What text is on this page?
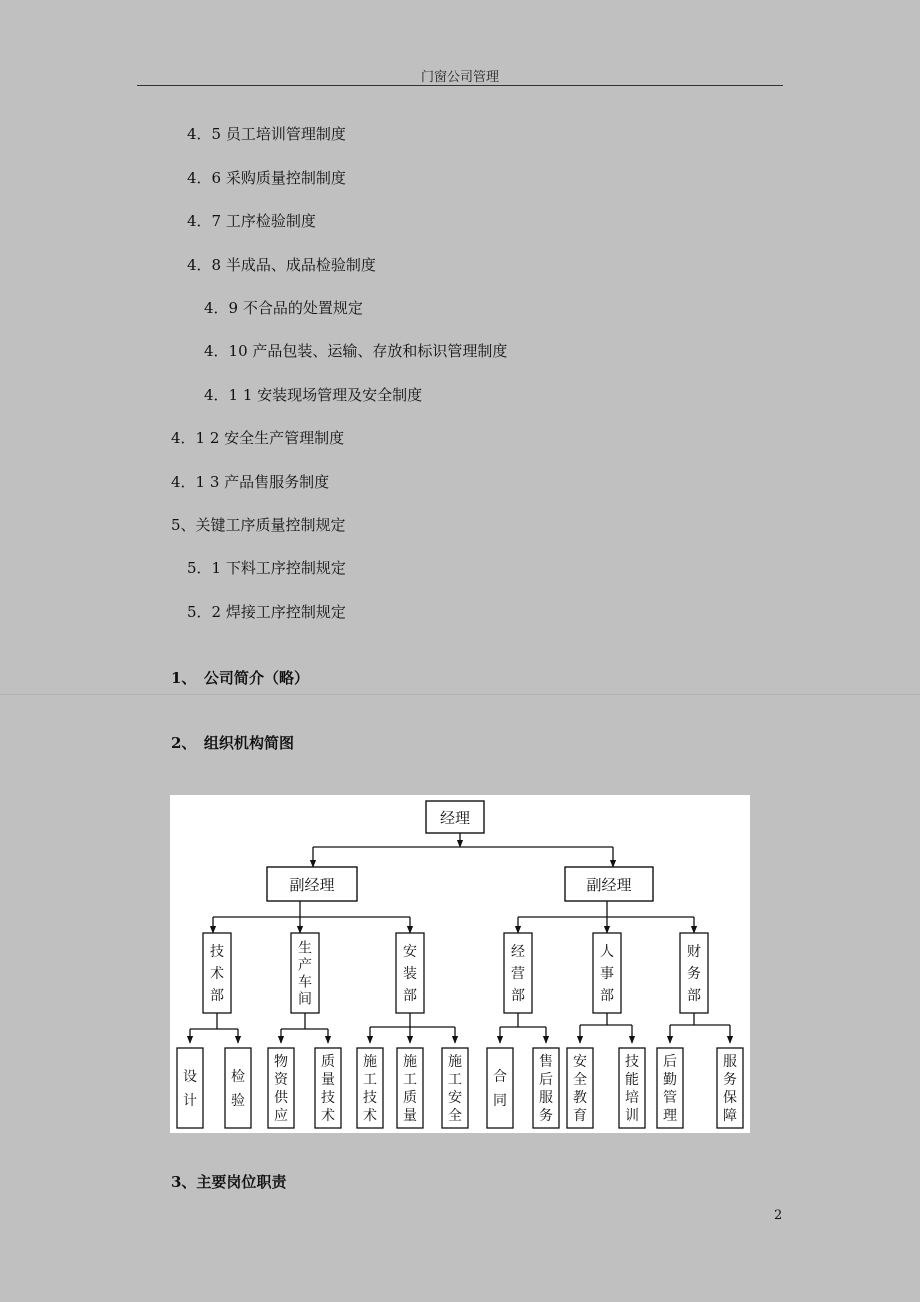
门窗公司管理
4．5 员工培训管理制度
4．6 采购质量控制制度
4．7 工序检验制度
4．8 半成品、成品检验制度
4．9 不合品的处置规定
4．10 产品包装、运输、存放和标识管理制度
4．1 1 安装现场管理及安全制度
4．1 2 安全生产管理制度
4．1 3 产品售服务制度
5、关键工序质量控制规定
5．1 下料工序控制规定
5．2 焊接工序控制规定
1、　公司简介（略）
2、　组织机构简图
经理
副经理	副经理
技术部
生产车间
安装部
经营部
人事部
财务部
设计
检验
物资供应
质量技术
施工技术
施工质量
施工安全
合同
售后服务
安全教育
技能培训
后勤管理
服务保障
3、主要岗位职责
2
